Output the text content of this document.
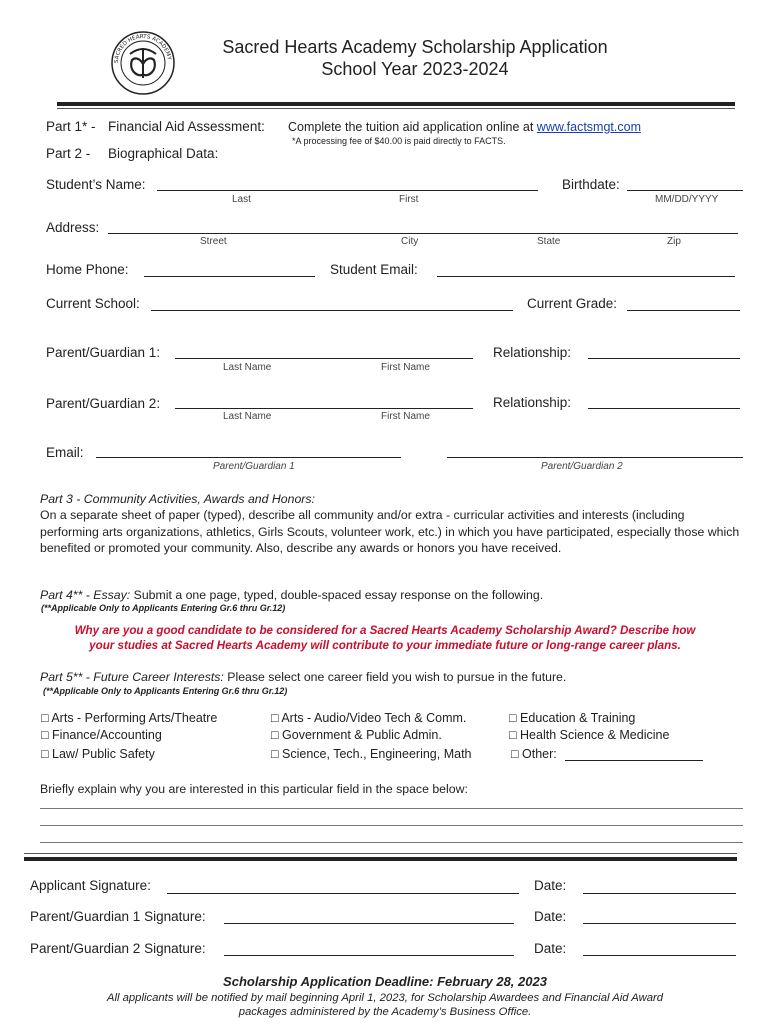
SACRED HEARTS ACADEMY
Sacred Hearts Academy Scholarship Application
School Year 2023-2024
Part 1* - Financial Aid Assessment: Complete the tuition aid application online at www.factsmgt.com
*A processing fee of $40.00 is paid directly to FACTS.
Part 2 - Biographical Data:
Student’s Name:
Last	First
Birthdate:
MM/DD/YYYY
Address:
Street	City	State	Zip
Home Phone:	Student Email:
Current School:	Current Grade:
Parent/Guardian 1:
Last Name	First Name
Relationship:
Parent/Guardian 2:
Last Name	First Name
Relationship:
Email:
Parent/Guardian 1	Parent/Guardian 2
Part 3 - Community Activities, Awards and Honors:
On a separate sheet of paper (typed), describe all community and/or extra - curricular activities and interests (including performing arts organizations, athletics, Girls Scouts, volunteer work, etc.) in which you have participated, especially those which benefited or promoted your community. Also, describe any awards or honors you have received.
Part 4** - Essay: Submit a one page, typed, double-spaced essay response on the following.
(**Applicable Only to Applicants Entering Gr.6 thru Gr.12)
Why are you a good candidate to be considered for a Sacred Hearts Academy Scholarship Award? Describe how
your studies at Sacred Hearts Academy will contribute to your immediate future or long-range career plans.
Part 5** - Future Career Interests: Please select one career field you wish to pursue in the future.
(**Applicable Only to Applicants Entering Gr.6 thru Gr.12)
□ Arts - Performing Arts/Theatre
□ Finance/Accounting
□ Law/ Public Safety
□ Arts - Audio/Video Tech & Comm.
□ Government & Public Admin.
□ Science, Tech., Engineering, Math
□ Education & Training
□ Health Science & Medicine
□ Other:
Briefly explain why you are interested in this particular field in the space below:
Applicant Signature:	Date:
Parent/Guardian 1 Signature:	Date:
Parent/Guardian 2 Signature:	Date:
Scholarship Application Deadline: February 28, 2023
All applicants will be notified by mail beginning April 1, 2023, for Scholarship Awardees and Financial Aid Award
packages administered by the Academy’s Business Office.
